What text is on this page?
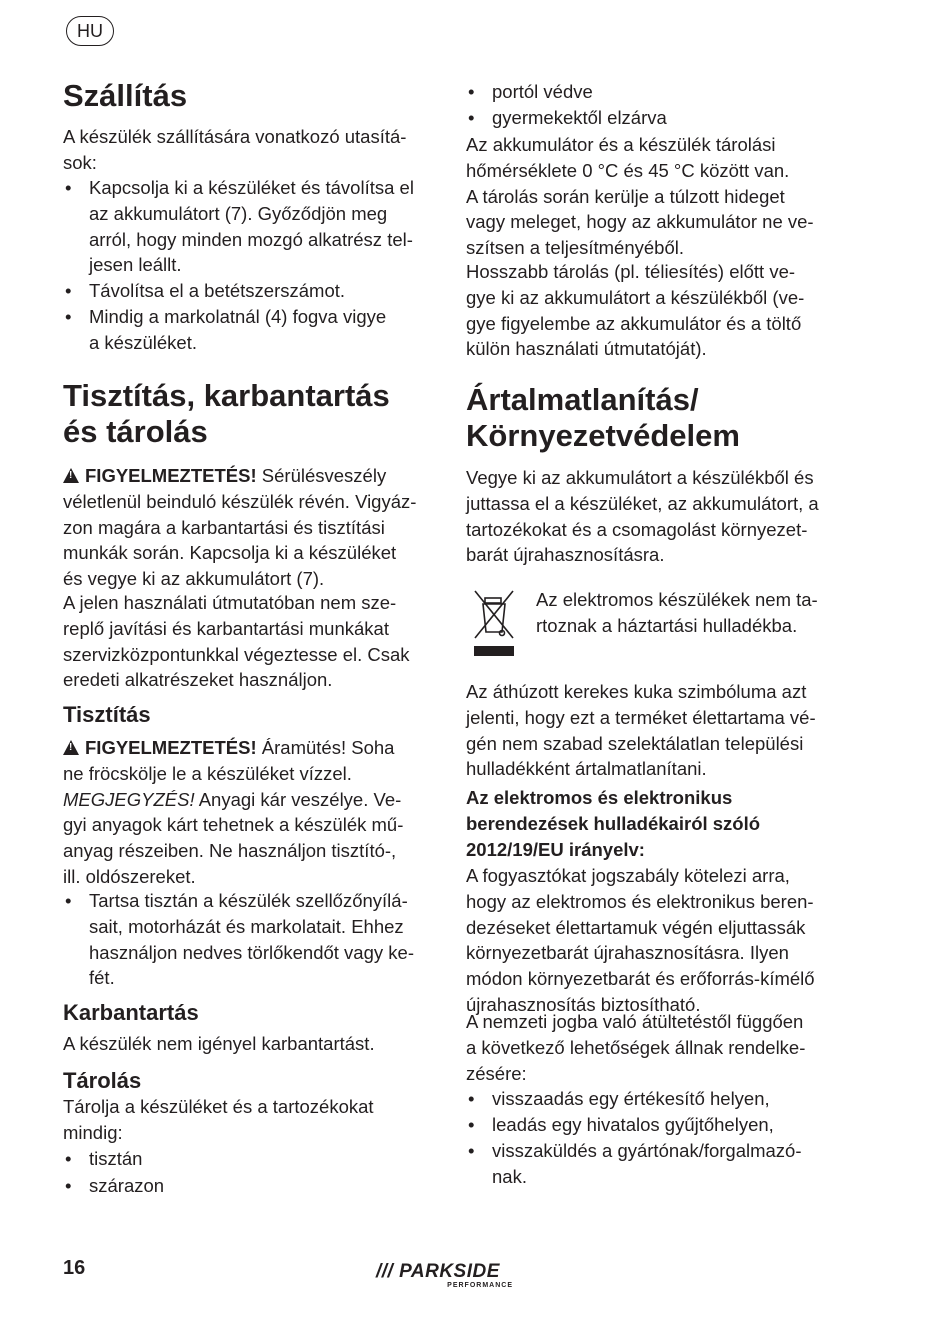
HU
Szállítás
A készülék szállítására vonatkozó utasítá-
sok:
• Kapcsolja ki a készüléket és távolítsa el
az akkumulátort (7). Győződjön meg
arról, hogy minden mozgó alkatrész tel-
jesen leállt.
• Távolítsa el a betétszerszámot.
• Mindig a markolatnál (4) fogva vigye
a készüléket.
Tisztítás, karbantartás
és tárolás
!FIGYELMEZTETÉS! Sérülésveszély
véletlenül beinduló készülék révén. Vigyáz-
zon magára a karbantartási és tisztítási
munkák során. Kapcsolja ki a készüléket
és vegye ki az akkumulátort (7).
A jelen használati útmutatóban nem sze-
replő javítási és karbantartási munkákat
szervizközpontunkkal végeztesse el. Csak
eredeti alkatrészeket használjon.
Tisztítás
!FIGYELMEZTETÉS! Áramütés! Soha
ne fröcskölje le a készüléket vízzel.
MEGJEGYZÉS! Anyagi kár veszélye. Ve-
gyi anyagok kárt tehetnek a készülék mű-
anyag részeiben. Ne használjon tisztító-,
ill. oldószereket.
• Tartsa tisztán a készülék szellőzőnyílá-
sait, motorházát és markolatait. Ehhez
használjon nedves törlőkendőt vagy ke-
fét.
Karbantartás
A készülék nem igényel karbantartást.
Tárolás
Tárolja a készüléket és a tartozékokat
mindig:
• tisztán
• szárazon
• portól védve
• gyermekektől elzárva
Az akkumulátor és a készülék tárolási
hőmérséklete 0 °C és 45 °C között van.
A tárolás során kerülje a túlzott hideget
vagy meleget, hogy az akkumulátor ne ve-
szítsen a teljesítményéből.
Hosszabb tárolás (pl. téliesítés) előtt ve-
gye ki az akkumulátort a készülékből (ve-
gye figyelembe az akkumulátor és a töltő
külön használati útmutatóját).
Ártalmatlanítás/
Környezetvédelem
Vegye ki az akkumulátort a készülékből és
juttassa el a készüléket, az akkumulátort, a
tartozékokat és a csomagolást környezet-
barát újrahasznosításra.
Az elektromos készülékek nem ta-
rtoznak a háztartási hulladékba.
Az áthúzott kerekes kuka szimbóluma azt
jelenti, hogy ezt a terméket élettartama vé-
gén nem szabad szelektálatlan települési
hulladékként ártalmatlanítani.
Az elektromos és elektronikus
berendezések hulladékairól szóló
2012/19/EU irányelv:
A fogyasztókat jogszabály kötelezi arra,
hogy az elektromos és elektronikus beren-
dezéseket élettartamuk végén eljuttassák
környezetbarát újrahasznosításra. Ilyen
módon környezetbarát és erőforrás-kímélő
újrahasznosítás biztosítható.
A nemzeti jogba való átültetéstől függően
a következő lehetőségek állnak rendelke-
zésére:
• visszaadás egy értékesítő helyen,
• leadás egy hivatalos gyűjtőhelyen,
• visszaküldés a gyártónak/forgalmazó-
nak.
16	/// PARKSIDE
PERFORMANCE
